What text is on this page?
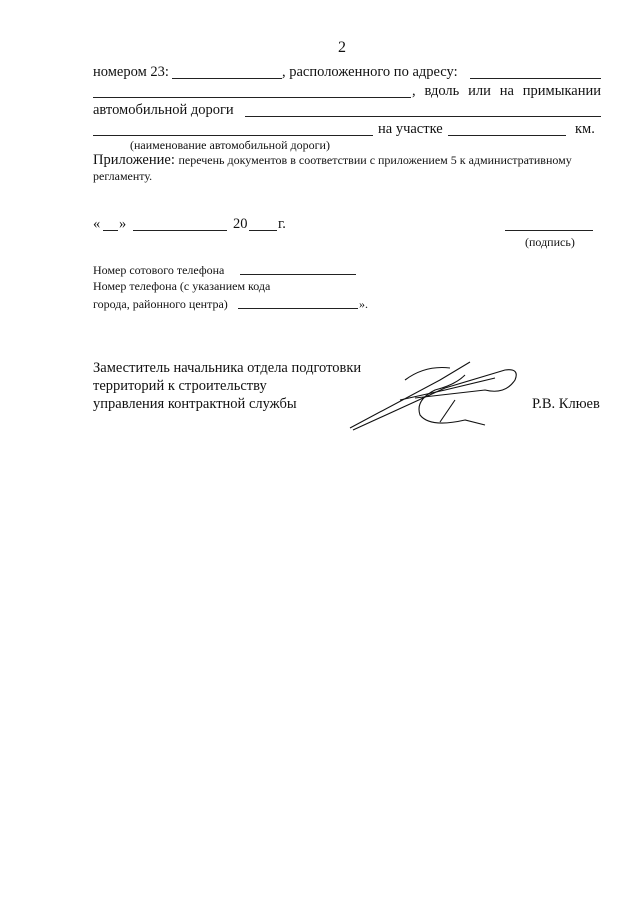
2
номером 23:	, расположенного по адресу:
, вдоль или на примыкании
автомобильной дороги
на участке	км.
(наименование автомобильной дороги)
Приложение: перечень документов в соответствии с приложением 5 к административному
регламенту.
« »	20 г.
(подпись)
Номер сотового телефона
Номер телефона (с указанием кода
города, районного центра)	».
Заместитель начальника отдела подготовки
территорий к строительству
управления контрактной службы	Р.В. Клюев
